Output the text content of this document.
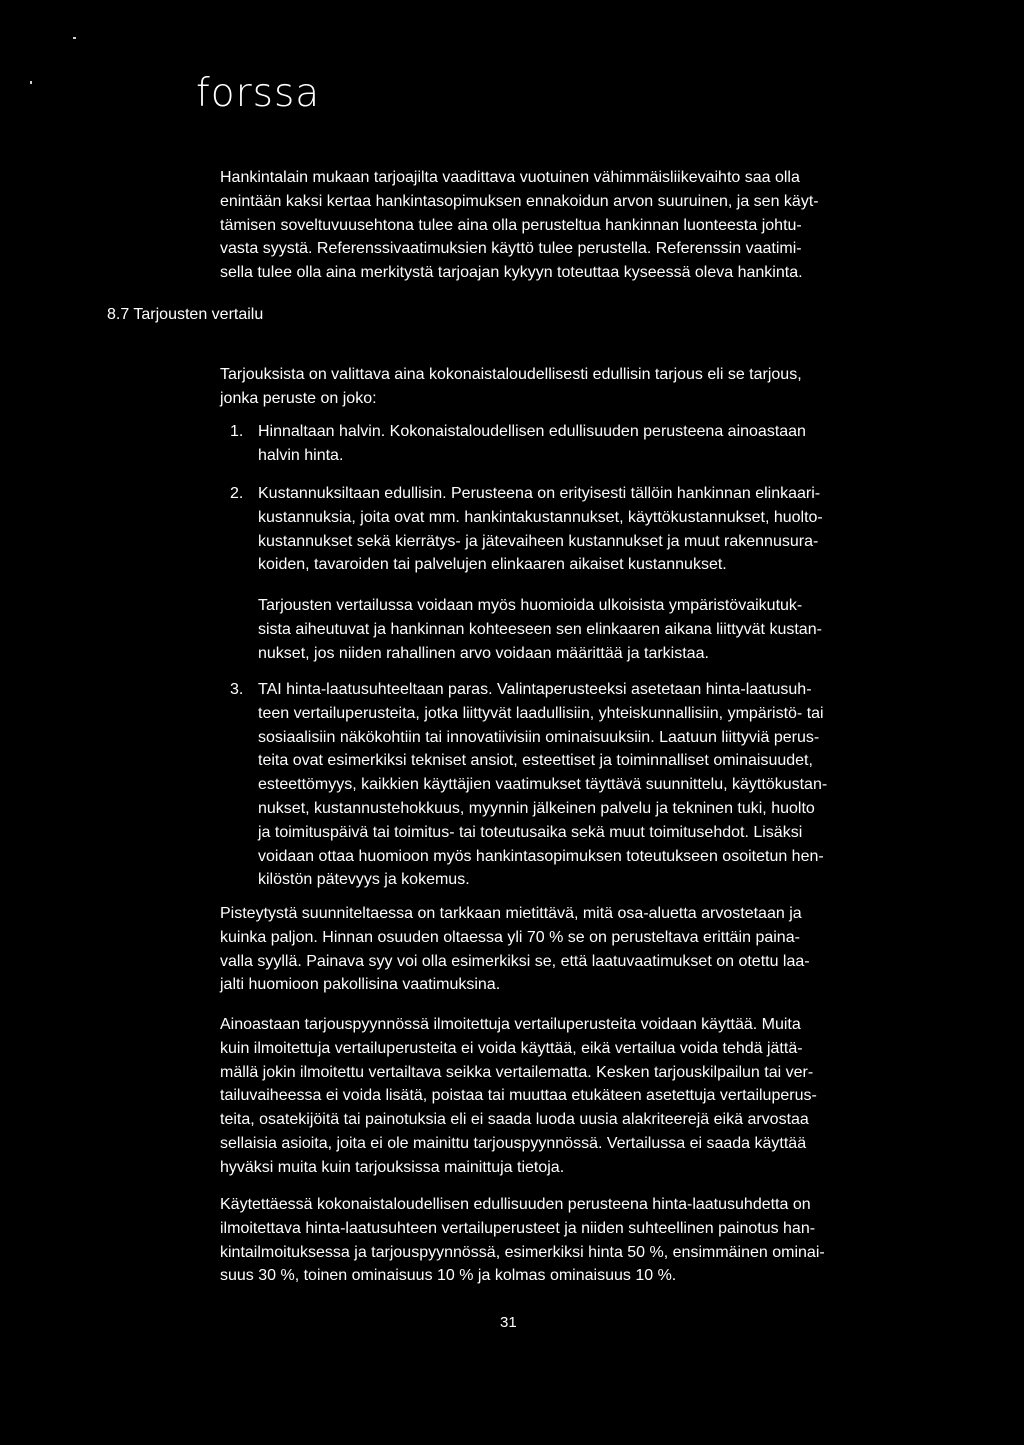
forssa

Hankintalain mukaan tarjoajilta vaadittava vuotuinen vähimmäisliikevaihto saa olla
enintään kaksi kertaa hankintasopimuksen ennakoidun arvon suuruinen, ja sen käyt-
tämisen soveltuvuusehtona tulee aina olla perusteltua hankinnan luonteesta johtu-
vasta syystä. Referenssivaatimuksien käyttö tulee perustella. Referenssin vaatimi-
sella tulee olla aina merkitystä tarjoajan kykyyn toteuttaa kyseessä oleva hankinta.

8.7 Tarjousten vertailu

Tarjouksista on valittava aina kokonaistaloudellisesti edullisin tarjous eli se tarjous,
jonka peruste on joko:

1. Hinnaltaan halvin. Kokonaistaloudellisen edullisuuden perusteena ainoastaan
halvin hinta.
2. Kustannuksiltaan edullisin. Perusteena on erityisesti tällöin hankinnan elinkaari-
kustannuksia, joita ovat mm. hankintakustannukset, käyttökustannukset, huolto-
kustannukset sekä kierrätys- ja jätevaiheen kustannukset ja muut rakennusura-
koiden, tavaroiden tai palvelujen elinkaaren aikaiset kustannukset.
Tarjousten vertailussa voidaan myös huomioida ulkoisista ympäristövaikutuk-
sista aiheutuvat ja hankinnan kohteeseen sen elinkaaren aikana liittyvät kustan-
nukset, jos niiden rahallinen arvo voidaan määrittää ja tarkistaa.
3. TAI hinta-laatusuhteeltaan paras. Valintaperusteeksi asetetaan hinta-laatusuh-
teen vertailuperusteita, jotka liittyvät laadullisiin, yhteiskunnallisiin, ympäristö- tai
sosiaalisiin näkökohtiin tai innovatiivisiin ominaisuuksiin. Laatuun liittyviä perus-
teita ovat esimerkiksi tekniset ansiot, esteettiset ja toiminnalliset ominaisuudet,
esteettömyys, kaikkien käyttäjien vaatimukset täyttävä suunnittelu, käyttökustan-
nukset, kustannustehokkuus, myynnin jälkeinen palvelu ja tekninen tuki, huolto
ja toimituspäivä tai toimitus- tai toteutusaika sekä muut toimitusehdot. Lisäksi
voidaan ottaa huomioon myös hankintasopimuksen toteutukseen osoitetun hen-
kilöstön pätevyys ja kokemus.

Pisteytystä suunniteltaessa on tarkkaan mietittävä, mitä osa-aluetta arvostetaan ja
kuinka paljon. Hinnan osuuden oltaessa yli 70 % se on perusteltava erittäin paina-
valla syyllä. Painava syy voi olla esimerkiksi se, että laatuvaatimukset on otettu laa-
jalti huomioon pakollisina vaatimuksina.

Ainoastaan tarjouspyynnössä ilmoitettuja vertailuperusteita voidaan käyttää. Muita
kuin ilmoitettuja vertailuperusteita ei voida käyttää, eikä vertailua voida tehdä jättä-
mällä jokin ilmoitettu vertailtava seikka vertailematta. Kesken tarjouskilpailun tai ver-
tailuvaiheessa ei voida lisätä, poistaa tai muuttaa etukäteen asetettuja vertailuperus-
teita, osatekijöitä tai painotuksia eli ei saada luoda uusia alakriteerejä eikä arvostaa
sellaisia asioita, joita ei ole mainittu tarjouspyynnössä. Vertailussa ei saada käyttää
hyväksi muita kuin tarjouksissa mainittuja tietoja.

Käytettäessä kokonaistaloudellisen edullisuuden perusteena hinta-laatusuhdetta on
ilmoitettava hinta-laatusuhteen vertailuperusteet ja niiden suhteellinen painotus han-
kintailmoituksessa ja tarjouspyynnössä, esimerkiksi hinta 50 %, ensimmäinen ominai-
suus 30 %, toinen ominaisuus 10 % ja kolmas ominaisuus 10 %.

31
